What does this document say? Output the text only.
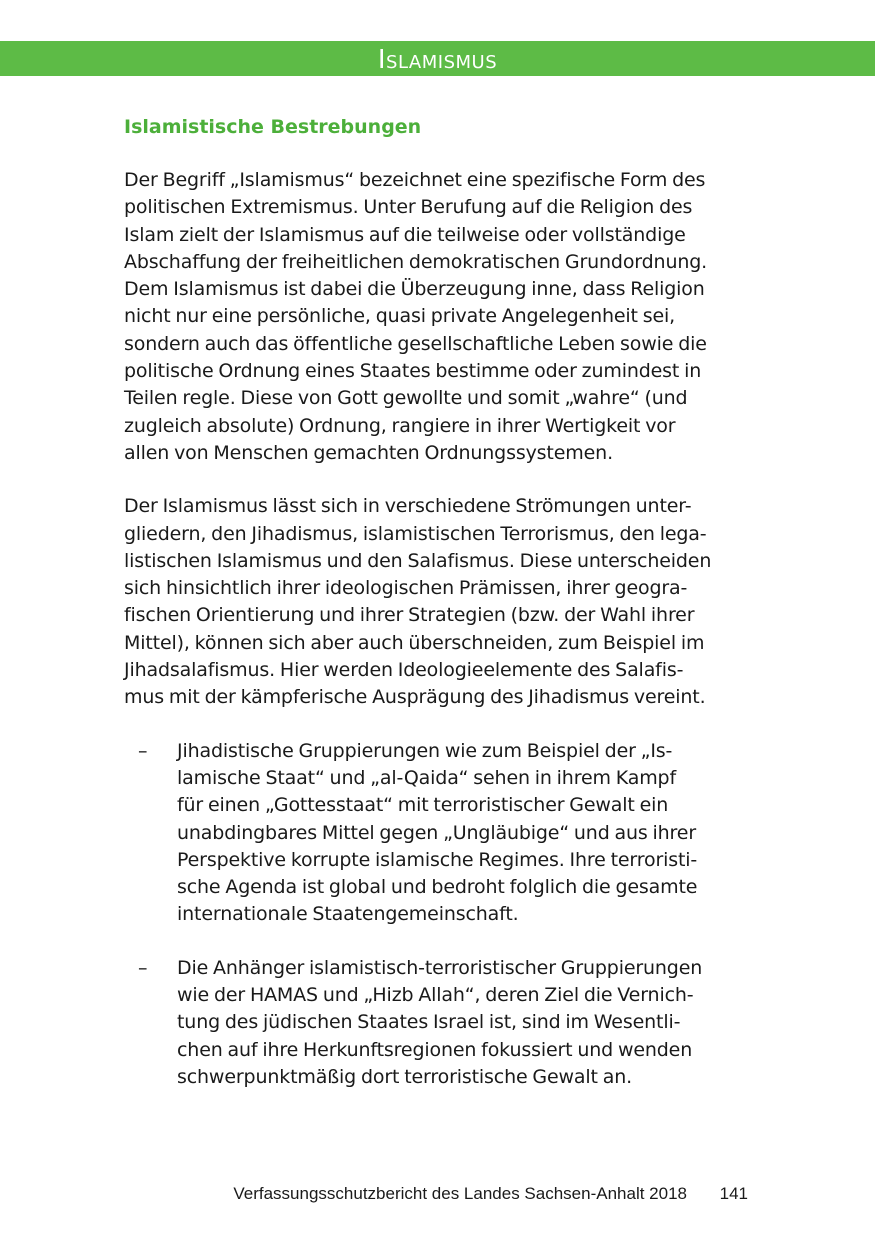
Islamismus
Islamistische Bestrebungen

Der Begriff „Islamismus“ bezeichnet eine spezifische Form des
politischen Extremismus. Unter Berufung auf die Religion des
Islam zielt der Islamismus auf die teilweise oder vollständige
Abschaffung der freiheitlichen demokratischen Grundordnung.
Dem Islamismus ist dabei die Überzeugung inne, dass Religion
nicht nur eine persönliche, quasi private Angelegenheit sei,
sondern auch das öffentliche gesellschaftliche Leben sowie die
politische Ordnung eines Staates bestimme oder zumindest in
Teilen regle. Diese von Gott gewollte und somit „wahre“ (und
zugleich absolute) Ordnung, rangiere in ihrer Wertigkeit vor
allen von Menschen gemachten Ordnungssystemen.

Der Islamismus lässt sich in verschiedene Strömungen unter-
gliedern, den Jihadismus, islamistischen Terrorismus, den lega-
listischen Islamismus und den Salafismus. Diese unterscheiden
sich hinsichtlich ihrer ideologischen Prämissen, ihrer geogra-
fischen Orientierung und ihrer Strategien (bzw. der Wahl ihrer
Mittel), können sich aber auch überschneiden, zum Beispiel im
Jihadsalafismus. Hier werden Ideologieelemente des Salafis-
mus mit der kämpferische Ausprägung des Jihadismus vereint.

– Jihadistische Gruppierungen wie zum Beispiel der „Is-
lamische Staat“ und „al-Qaida“ sehen in ihrem Kampf
für einen „Gottesstaat“ mit terroristischer Gewalt ein
unabdingbares Mittel gegen „Ungläubige“ und aus ihrer
Perspektive korrupte islamische Regimes. Ihre terroristi-
sche Agenda ist global und bedroht folglich die gesamte
internationale Staatengemeinschaft.

– Die Anhänger islamistisch-terroristischer Gruppierungen
wie der HAMAS und „Hizb Allah“, deren Ziel die Vernich-
tung des jüdischen Staates Israel ist, sind im Wesentli-
chen auf ihre Herkunftsregionen fokussiert und wenden
schwerpunktmäßig dort terroristische Gewalt an.

Verfassungsschutzbericht des Landes Sachsen-Anhalt 2018 141
